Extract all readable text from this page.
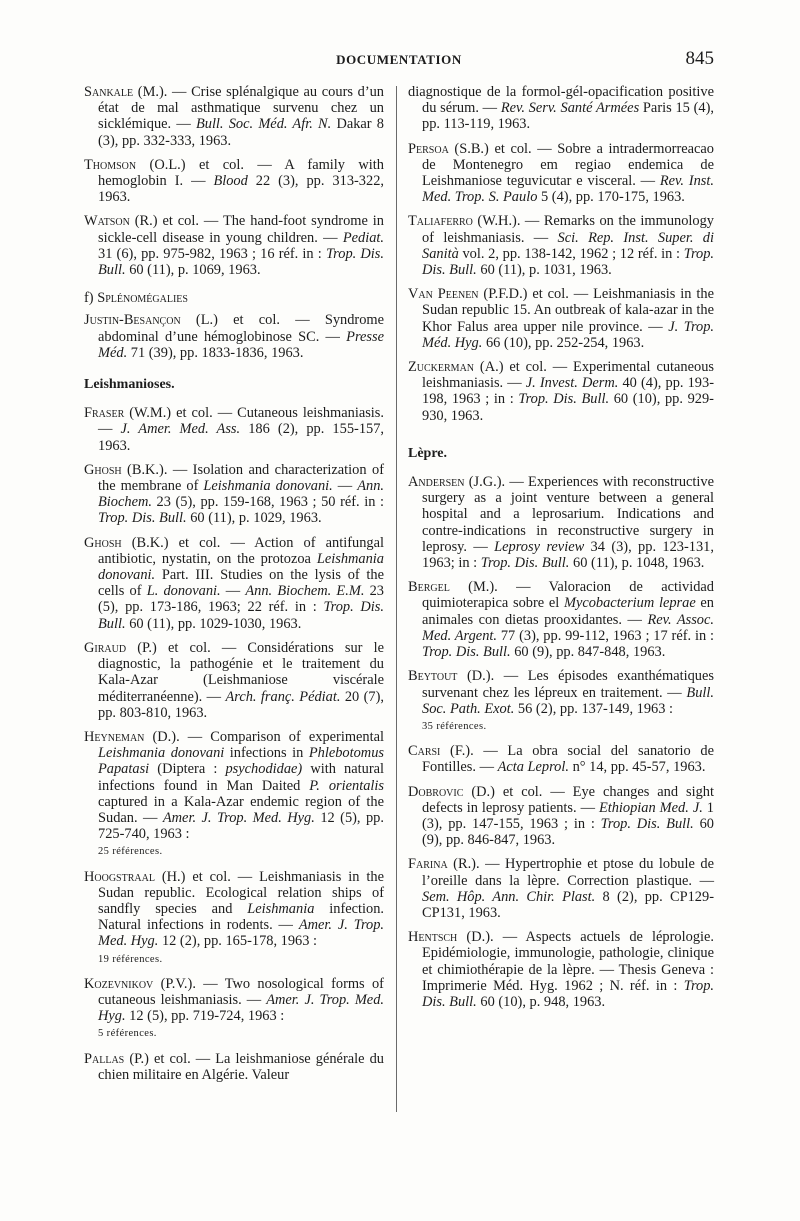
DOCUMENTATION	845
Sankale (M.). — Crise splénalgique au cours d’un état de mal asthmatique survenu chez un sicklémique. — Bull. Soc. Méd. Afr. N. Dakar 8 (3), pp. 332-333, 1963.
Thomson (O.L.) et col. — A family with hemoglobin I. — Blood 22 (3), pp. 313-322, 1963.
Watson (R.) et col. — The hand-foot syndrome in sickle-cell disease in young children. — Pediat. 31 (6), pp. 975-982, 1963 ; 16 réf. in : Trop. Dis. Bull. 60 (11), p. 1069, 1963.
f) Splénomégalies
Justin-Besançon (L.) et col. — Syndrome abdominal d’une hémoglobinose SC. — Presse Méd. 71 (39), pp. 1833-1836, 1963.
Leishmanioses.
Fraser (W.M.) et col. — Cutaneous leishmaniasis. — J. Amer. Med. Ass. 186 (2), pp. 155-157, 1963.
Ghosh (B.K.). — Isolation and characterization of the membrane of Leishmania donovani. — Ann. Biochem. 23 (5), pp. 159-168, 1963 ; 50 réf. in : Trop. Dis. Bull. 60 (11), p. 1029, 1963.
Ghosh (B.K.) et col. — Action of antifungal antibiotic, nystatin, on the protozoa Leishmania donovani. Part. III. Studies on the lysis of the cells of L. donovani. — Ann. Biochem. E.M. 23 (5), pp. 173-186, 1963; 22 réf. in : Trop. Dis. Bull. 60 (11), pp. 1029-1030, 1963.
Giraud (P.) et col. — Considérations sur le diagnostic, la pathogénie et le traitement du Kala-Azar (Leishmaniose viscérale méditerranéenne). — Arch. franç. Pédiat. 20 (7), pp. 803-810, 1963.
Heyneman (D.). — Comparison of experimental Leishmania donovani infections in Phlebotomus Papatasi (Diptera : psychodidae) with natural infections found in Man Daited P. orientalis captured in a Kala-Azar endemic region of the Sudan. — Amer. J. Trop. Med. Hyg. 12 (5), pp. 725-740, 1963 :
25 références.
Hoogstraal (H.) et col. — Leishmaniasis in the Sudan republic. Ecological relation ships of sandfly species and Leishmania infection. Natural infections in rodents. — Amer. J. Trop. Med. Hyg. 12 (2), pp. 165-178, 1963 :
19 références.
Kozevnikov (P.V.). — Two nosological forms of cutaneous leishmaniasis. — Amer. J. Trop. Med. Hyg. 12 (5), pp. 719-724, 1963 :
5 références.
Pallas (P.) et col. — La leishmaniose générale du chien militaire en Algérie. Valeur
diagnostique de la formol-gél-opacification positive du sérum. — Rev. Serv. Santé Armées Paris 15 (4), pp. 113-119, 1963.
Persoa (S.B.) et col. — Sobre a intradermorreacao de Montenegro em regiao endemica de Leishmaniose teguvicutar e visceral. — Rev. Inst. Med. Trop. S. Paulo 5 (4), pp. 170-175, 1963.
Taliaferro (W.H.). — Remarks on the immunology of leishmaniasis. — Sci. Rep. Inst. Super. di Sanità vol. 2, pp. 138-142, 1962 ; 12 réf. in : Trop. Dis. Bull. 60 (11), p. 1031, 1963.
Van Peenen (P.F.D.) et col. — Leishmaniasis in the Sudan republic 15. An outbreak of kala-azar in the Khor Falus area upper nile province. — J. Trop. Méd. Hyg. 66 (10), pp. 252-254, 1963.
Zuckerman (A.) et col. — Experimental cutaneous leishmaniasis. — J. Invest. Derm. 40 (4), pp. 193-198, 1963 ; in : Trop. Dis. Bull. 60 (10), pp. 929-930, 1963.
Lèpre.
Andersen (J.G.). — Experiences with reconstructive surgery as a joint venture between a general hospital and a leprosarium. Indications and contre-indications in reconstructive surgery in leprosy. — Leprosy review 34 (3), pp. 123-131, 1963; in : Trop. Dis. Bull. 60 (11), p. 1048, 1963.
Bergel (M.). — Valoracion de actividad quimioterapica sobre el Mycobacterium leprae en animales con dietas prooxidantes. — Rev. Assoc. Med. Argent. 77 (3), pp. 99-112, 1963 ; 17 réf. in : Trop. Dis. Bull. 60 (9), pp. 847-848, 1963.
Beytout (D.). — Les épisodes exanthématiques survenant chez les lépreux en traitement. — Bull. Soc. Path. Exot. 56 (2), pp. 137-149, 1963 :
35 références.
Carsi (F.). — La obra social del sanatorio de Fontilles. — Acta Leprol. n° 14, pp. 45-57, 1963.
Dobrovic (D.) et col. — Eye changes and sight defects in leprosy patients. — Ethiopian Med. J. 1 (3), pp. 147-155, 1963 ; in : Trop. Dis. Bull. 60 (9), pp. 846-847, 1963.
Farina (R.). — Hypertrophie et ptose du lobule de l’oreille dans la lèpre. Correction plastique. — Sem. Hôp. Ann. Chir. Plast. 8 (2), pp. CP129-CP131, 1963.
Hentsch (D.). — Aspects actuels de léprologie. Epidémiologie, immunologie, pathologie, clinique et chimiothérapie de la lèpre. — Thesis Geneva : Imprimerie Méd. Hyg. 1962 ; N. réf. in : Trop. Dis. Bull. 60 (10), p. 948, 1963.
